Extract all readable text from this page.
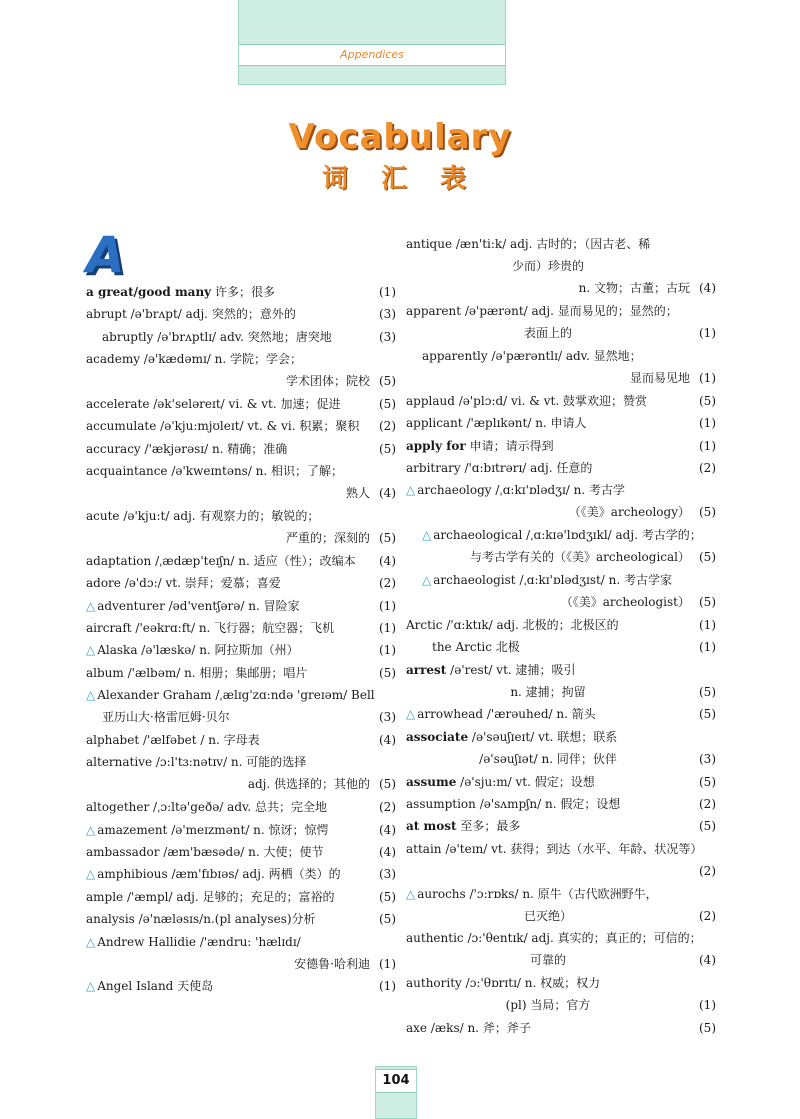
Appendices
Vocabulary
词 汇 表
A
a great/good many 许多；很多	(1)
abrupt /ə'brʌpt/ adj. 突然的；意外的	(3)
abruptly /ə'brʌptlɪ/ adv. 突然地；唐突地	(3)
academy /ə'kædəmɪ/ n. 学院；学会；
学术团体；院校 (5)
accelerate /ək'seləreɪt/ vi. & vt. 加速；促进	(5)
accumulate /ə'kju:mjʊleɪt/ vt. & vi. 积累；聚积 (2)
accuracy /'ækjərəsɪ/ n. 精确；准确	(5)
acquaintance /ə'kweɪntəns/ n. 相识；了解；
熟人 (4)
acute /ə'kju:t/ adj. 有观察力的；敏锐的；
严重的；深刻的 (5)
adaptation /ˌædæp'teɪʃn/ n. 适应（性）；改编本 (4)
adore /ə'dɔ:/ vt. 崇拜；爱慕；喜爱	(2)
△ adventurer /əd'ventʃərə/ n. 冒险家	(1)
aircraft /'eəkrɑ:ft/ n. 飞行器；航空器；飞机	(1)
△ Alaska /ə'læskə/ n. 阿拉斯加（州）	(1)
album /'ælbəm/ n. 相册；集邮册；唱片	(5)
△ Alexander Graham /ˌælɪg'zɑ:ndə 'greɪəm/ Bell
亚历山大·格雷厄姆·贝尔	(3)
alphabet /'ælfəbet / n. 字母表	(4)
alternative /ɔ:l'tɜ:nətɪv/ n. 可能的选择
adj. 供选择的；其他的 (5)
altogether /ˌɔ:ltə'geðə/ adv. 总共；完全地	(2)
△ amazement /ə'meɪzmənt/ n. 惊讶；惊愕	(4)
ambassador /æm'bæsədə/ n. 大使；使节	(4)
△ amphibious /æm'fɪbɪəs/ adj. 两栖（类）的	(3)
ample /'æmpl/ adj. 足够的；充足的；富裕的	(5)
analysis /ə'næləsɪs/n.(pl analyses)分析	(5)
△ Andrew Hallidie /'ændru: 'hælɪdɪ/
安德鲁·哈利迪 (1)
△ Angel Island 天使岛	(1)
antique /æn'ti:k/ adj. 古时的；（因古老、稀
少而）珍贵的
n. 文物；古董；古玩 (4)
apparent /ə'pærənt/ adj. 显而易见的；显然的；
表面上的	(1)
apparently /ə'pærəntlɪ/ adv. 显然地；
显而易见地 (1)
applaud /ə'plɔ:d/ vi. & vt. 鼓掌欢迎；赞赏	(5)
applicant /'æplɪkənt/ n. 申请人	(1)
apply for 申请；请示得到	(1)
arbitrary /'ɑ:bɪtrərɪ/ adj. 任意的	(2)
△ archaeology /ˌɑ:kɪ'ɒlədʒɪ/ n. 考古学
（《美》archeology） (5)
△ archaeological /ˌɑ:kɪə'lɒdʒɪkl/ adj. 考古学的；
与考古学有关的（《美》archeological） (5)
△ archaeologist /ˌɑ:kɪ'ɒlədʒɪst/ n. 考古学家
（《美》archeologist） (5)
Arctic /'ɑ:ktɪk/ adj. 北极的；北极区的	(1)
the Arctic 北极	(1)
arrest /ə'rest/ vt. 逮捕；吸引
n. 逮捕；拘留	(5)
△ arrowhead /'ærəuhed/ n. 箭头	(5)
associate /ə'səuʃɪeɪt/ vt. 联想；联系
/ə'səuʃɪət/ n. 同伴；伙伴	(3)
assume /ə'sju:m/ vt. 假定；设想	(5)
assumption /ə'sʌmpʃn/ n. 假定；设想	(2)
at most 至多；最多	(5)
attain /ə'teɪn/ vt. 获得；到达（水平、年龄、状况等）
(2)
△ aurochs /'ɔ:rɒks/ n. 原牛（古代欧洲野牛，
已灭绝）	(2)
authentic /ɔ:'θentɪk/ adj. 真实的；真正的；可信的；
可靠的	(4)
authority /ɔ:'θɒrɪtɪ/ n. 权威；权力
(pl) 当局；官方	(1)
axe /æks/ n. 斧；斧子	(5)
104
